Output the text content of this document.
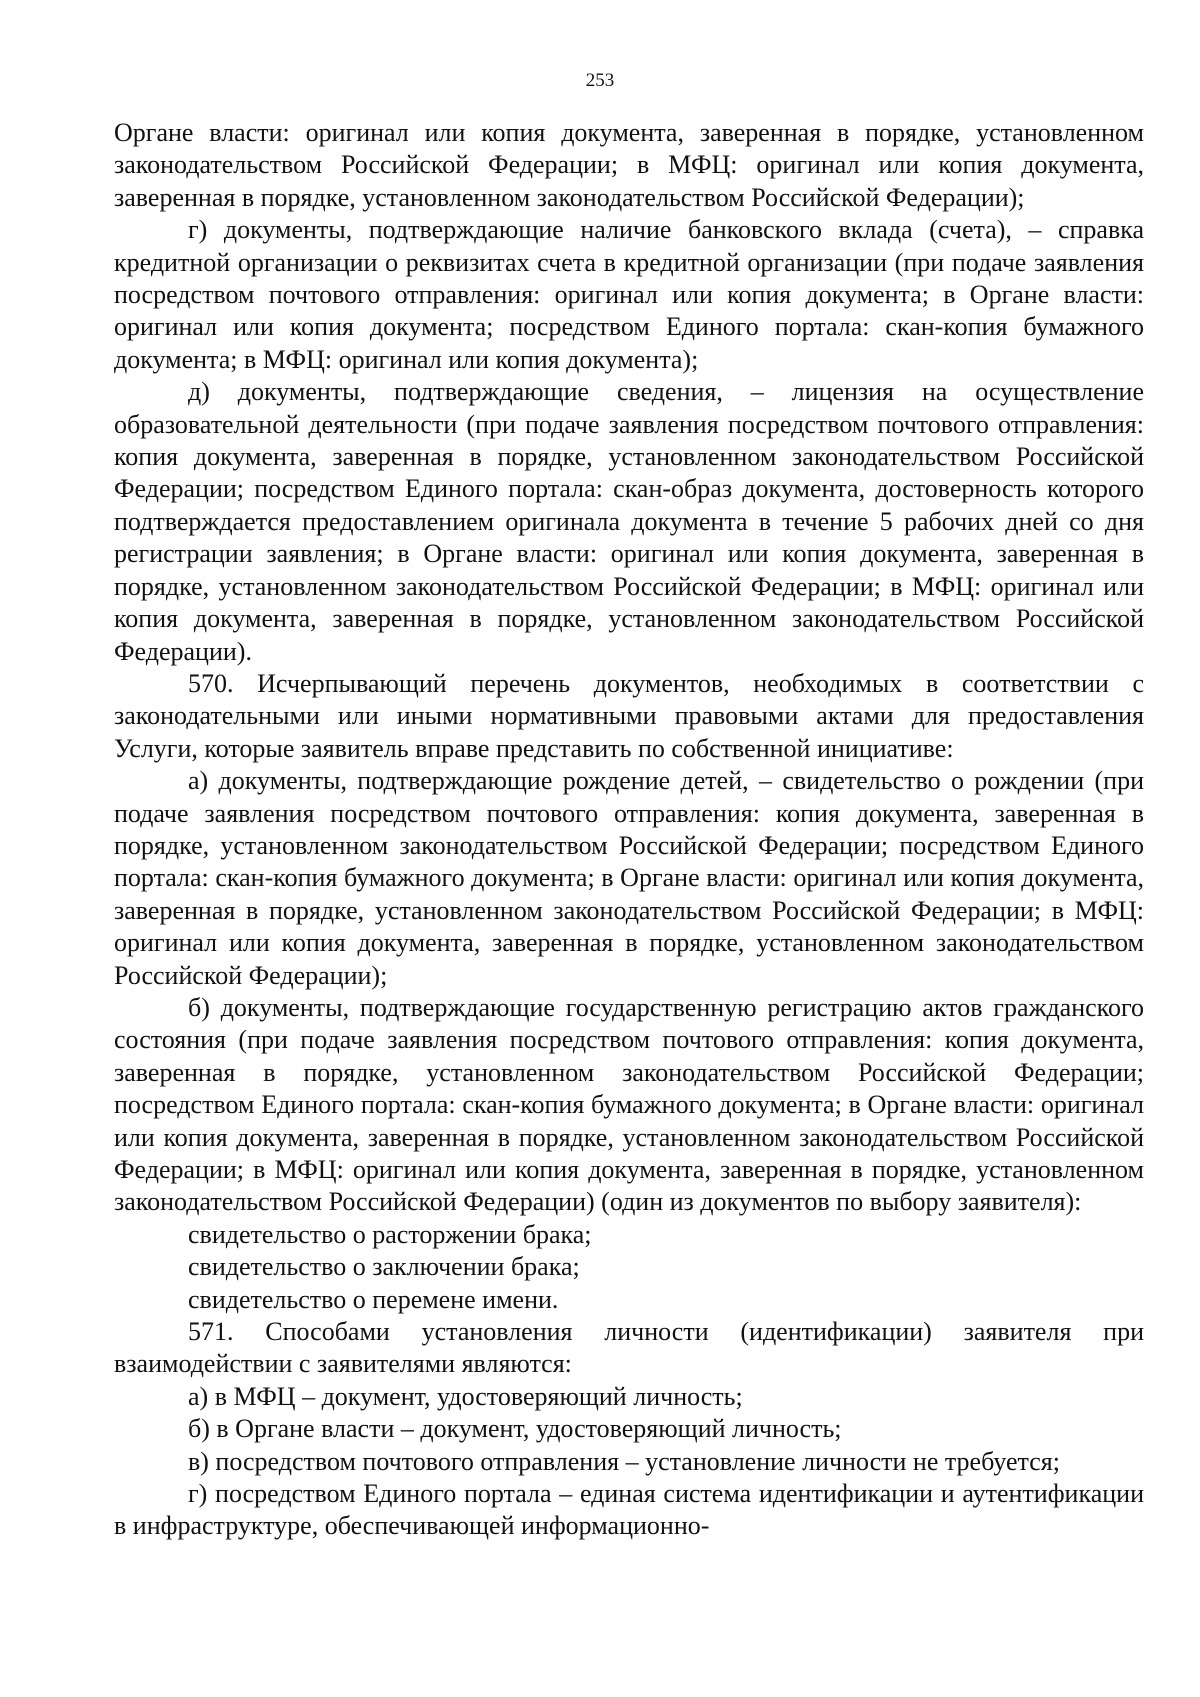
253

Органе власти: оригинал или копия документа, заверенная в порядке, установленном законодательством Российской Федерации; в МФЦ: оригинал или копия документа, заверенная в порядке, установленном законодательством Российской Федерации);

г) документы, подтверждающие наличие банковского вклада (счета), – справка кредитной организации о реквизитах счета в кредитной организации (при подаче заявления посредством почтового отправления: оригинал или копия документа; в Органе власти: оригинал или копия документа; посредством Единого портала: скан-копия бумажного документа; в МФЦ: оригинал или копия документа);

д) документы, подтверждающие сведения, – лицензия на осуществление образовательной деятельности (при подаче заявления посредством почтового отправления: копия документа, заверенная в порядке, установленном законодательством Российской Федерации; посредством Единого портала: скан-образ документа, достоверность которого подтверждается предоставлением оригинала документа в течение 5 рабочих дней со дня регистрации заявления; в Органе власти: оригинал или копия документа, заверенная в порядке, установленном законодательством Российской Федерации; в МФЦ: оригинал или копия документа, заверенная в порядке, установленном законодательством Российской Федерации).

570. Исчерпывающий перечень документов, необходимых в соответствии с законодательными или иными нормативными правовыми актами для предоставления Услуги, которые заявитель вправе представить по собственной инициативе:

а) документы, подтверждающие рождение детей, – свидетельство о рождении (при подаче заявления посредством почтового отправления: копия документа, заверенная в порядке, установленном законодательством Российской Федерации; посредством Единого портала: скан-копия бумажного документа; в Органе власти: оригинал или копия документа, заверенная в порядке, установленном законодательством Российской Федерации; в МФЦ: оригинал или копия документа, заверенная в порядке, установленном законодательством Российской Федерации);

б) документы, подтверждающие государственную регистрацию актов гражданского состояния (при подаче заявления посредством почтового отправления: копия документа, заверенная в порядке, установленном законодательством Российской Федерации; посредством Единого портала: скан-копия бумажного документа; в Органе власти: оригинал или копия документа, заверенная в порядке, установленном законодательством Российской Федерации; в МФЦ: оригинал или копия документа, заверенная в порядке, установленном законодательством Российской Федерации) (один из документов по выбору заявителя):

свидетельство о расторжении брака;

свидетельство о заключении брака;

свидетельство о перемене имени.

571. Способами установления личности (идентификации) заявителя при взаимодействии с заявителями являются:

а) в МФЦ – документ, удостоверяющий личность;

б) в Органе власти – документ, удостоверяющий личность;

в) посредством почтового отправления – установление личности не требуется;

г) посредством Единого портала – единая система идентификации и аутентификации в инфраструктуре, обеспечивающей информационно-
